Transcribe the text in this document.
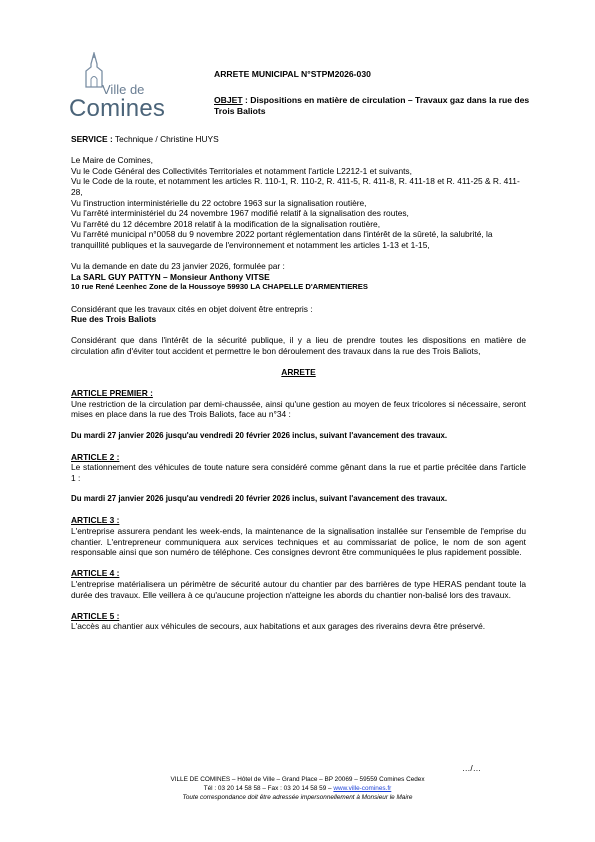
Ville de
Comines
ARRETE MUNICIPAL N°STPM2026-030
OBJET : Dispositions en matière de circulation – Travaux gaz dans la rue des Trois Baliots

SERVICE : Technique / Christine HUYS

Le Maire de Comines,

Vu le Code Général des Collectivités Territoriales et notamment l'article L2212-1 et suivants,

Vu le Code de la route, et notamment les articles R. 110-1, R. 110-2, R. 411-5, R. 411-8, R. 411-18 et R. 411-25 & R. 411-28,

Vu l'instruction interministérielle du 22 octobre 1963 sur la signalisation routière,

Vu l'arrêté interministériel du 24 novembre 1967 modifié relatif à la signalisation des routes,

Vu l'arrêté du 12 décembre 2018 relatif à la modification de la signalisation routière,

Vu l'arrêté municipal n°0058 du 9 novembre 2022 portant réglementation dans l'intérêt de la sûreté, la salubrité, la tranquillité publiques et la sauvegarde de l'environnement et notamment les articles 1-13 et 1-15,

Vu la demande en date du 23 janvier 2026, formulée par :

La SARL GUY PATTYN – Monsieur Anthony VITSE

10 rue René Leenhec Zone de la Houssoye 59930 LA CHAPELLE D'ARMENTIERES

Considérant que les travaux cités en objet doivent être entrepris :

Rue des Trois Baliots

Considérant que dans l'intérêt de la sécurité publique, il y a lieu de prendre toutes les dispositions en matière de circulation afin d'éviter tout accident et permettre le bon déroulement des travaux dans la rue des Trois Baliots,

ARRETE

ARTICLE PREMIER :

Une restriction de la circulation par demi-chaussée, ainsi qu'une gestion au moyen de feux tricolores si nécessaire, seront mises en place dans la rue des Trois Baliots, face au n°34 :

Du mardi 27 janvier 2026 jusqu'au vendredi 20 février 2026 inclus, suivant l'avancement des travaux.

ARTICLE 2 :

Le stationnement des véhicules de toute nature sera considéré comme gênant dans la rue et partie précitée dans l'article 1 :

Du mardi 27 janvier 2026 jusqu'au vendredi 20 février 2026 inclus, suivant l'avancement des travaux.

ARTICLE 3 :

L'entreprise assurera pendant les week-ends, la maintenance de la signalisation installée sur l'ensemble de l'emprise du chantier. L'entrepreneur communiquera aux services techniques et au commissariat de police, le nom de son agent responsable ainsi que son numéro de téléphone. Ces consignes devront être communiquées le plus rapidement possible.

ARTICLE 4 :

L'entreprise matérialisera un périmètre de sécurité autour du chantier par des barrières de type HERAS pendant toute la durée des travaux. Elle veillera à ce qu'aucune projection n'atteigne les abords du chantier non-balisé lors des travaux.

ARTICLE 5 :

L'accès au chantier aux véhicules de secours, aux habitations et aux garages des riverains devra être préservé.

…/…
VILLE DE COMINES – Hôtel de Ville – Grand Place – BP 20069 – 59559 Comines Cedex
Tél : 03 20 14 58 58 – Fax : 03 20 14 58 59 – www.ville-comines.fr
Toute correspondance doit être adressée impersonnellement à Monsieur le Maire
